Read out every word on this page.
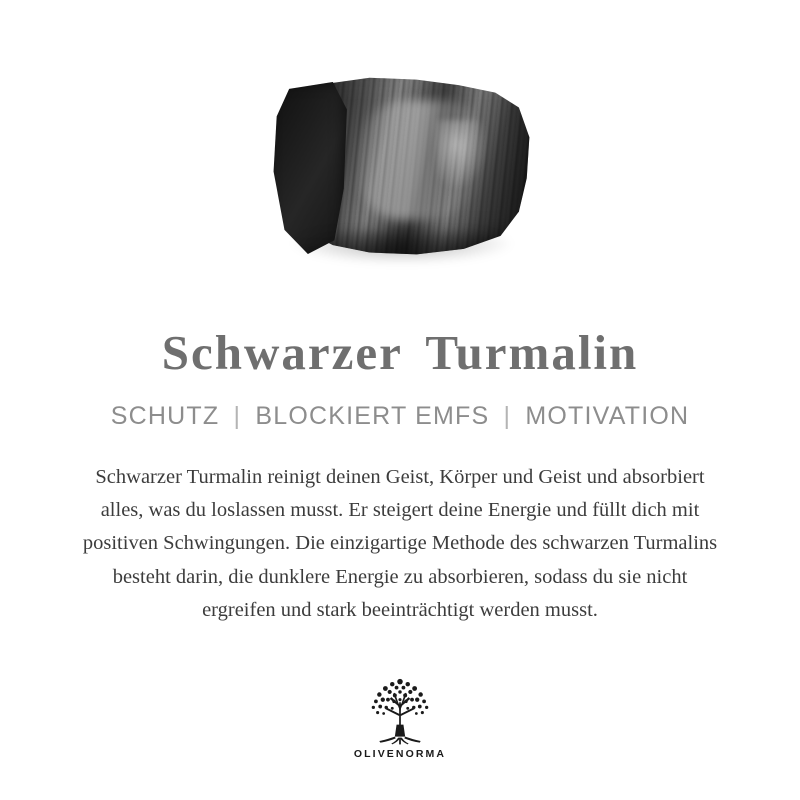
Schwarzer Turmalin
SCHUTZ | BLOCKIERT EMFS | MOTIVATION

Schwarzer Turmalin reinigt deinen Geist, Körper und Geist und absorbiert alles, was du loslassen musst. Er steigert deine Energie und füllt dich mit positiven Schwingungen. Die einzigartige Methode des schwarzen Turmalins besteht darin, die dunklere Energie zu absorbieren, sodass du sie nicht ergreifen und stark beeinträchtigt werden musst.

OLIVENORMA
